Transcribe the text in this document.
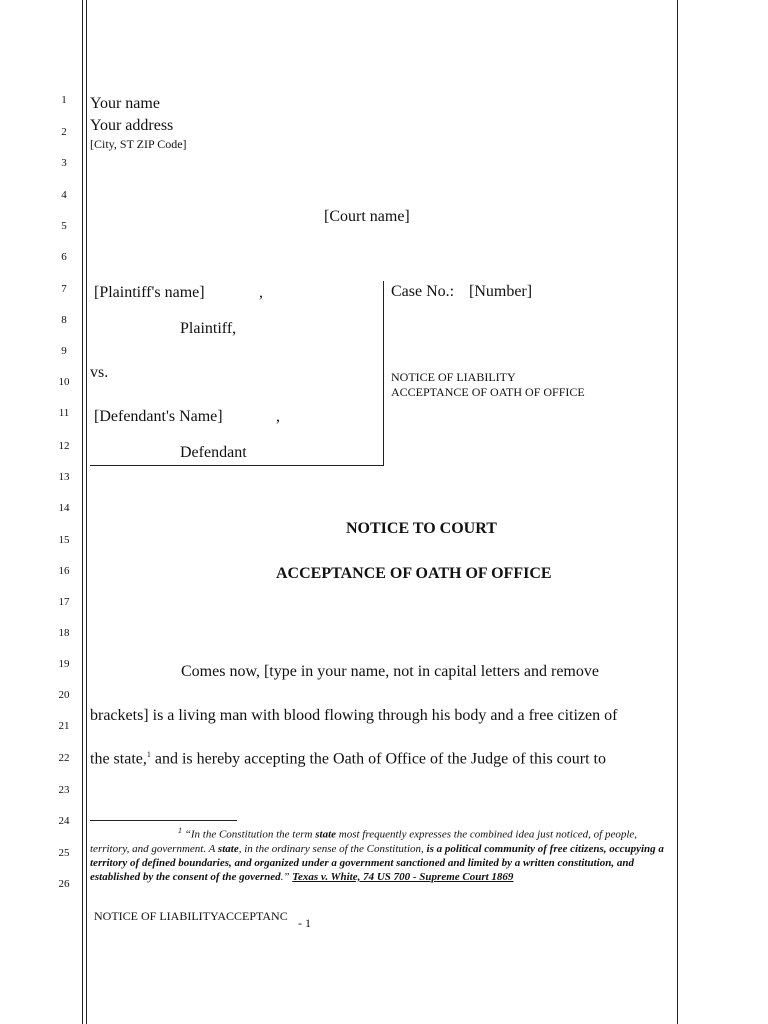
1
2
3
4
5
6
7
8
9
10
11
12
13
14
15
16
17
18
19
20
21
22
23
24
25
26
Your name
Your address
[City, ST ZIP Code]
[Court name]
[Plaintiff's name]	,
Plaintiff,
vs.
[Defendant's Name]	,
Defendant
Case No.: [Number]
NOTICE OF LIABILITY
ACCEPTANCE OF OATH OF OFFICE
NOTICE TO COURT
ACCEPTANCE OF OATH OF OFFICE
Comes now, [type in your name, not in capital letters and remove
brackets] is a living man with blood flowing through his body and a free citizen of
the state,$^1$ and is hereby accepting the Oath of Office of the Judge of this court to
$^1$ “In the Constitution the term state most frequently expresses the combined idea just noticed, of people, territory, and government. A state, in the ordinary sense of the Constitution, is a political community of free citizens, occupying a territory of defined boundaries, and organized under a government sanctioned and limited by a written constitution, and established by the consent of the governed.” Texas v. White, 74 US 700 - Supreme Court 1869
NOTICE OF LIABILITYACCEPTANC - 1
